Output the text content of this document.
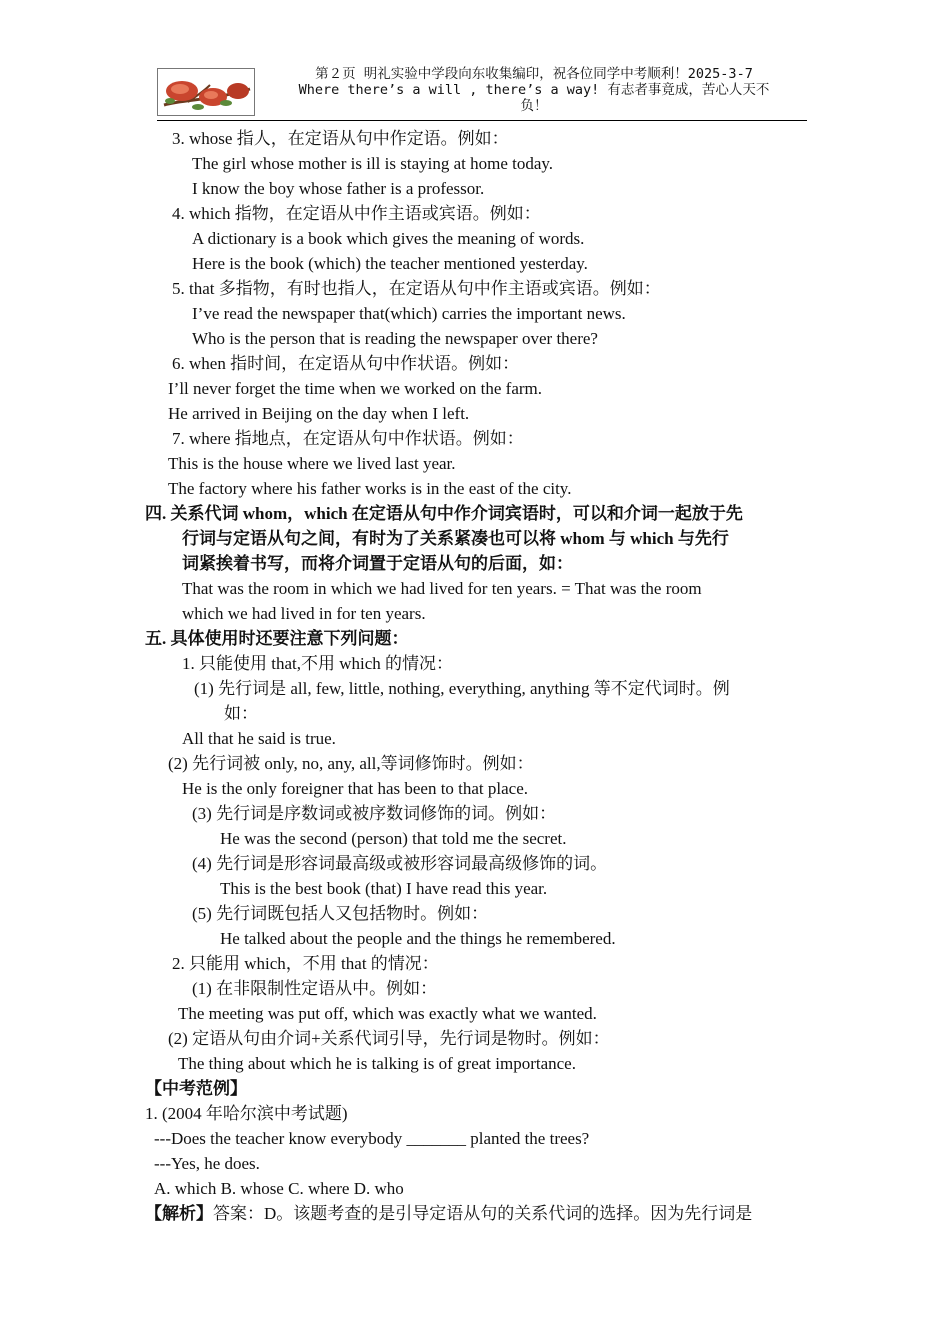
第２页 明礼实验中学段向东收集编印，祝各位同学中考顺利！2025-3-7
Where there’s a will , there’s a way! 有志者事竟成，苦心人天不
负！
3. whose 指人，在定语从句中作定语。例如：
The girl whose mother is ill is staying at home today.
I know the boy whose father is a professor.
4. which 指物，在定语从中作主语或宾语。例如：
A dictionary is a book which gives the meaning of words.
Here is the book (which) the teacher mentioned yesterday.
5. that 多指物，有时也指人，在定语从句中作主语或宾语。例如：
I’ve read the newspaper that(which) carries the important news.
Who is the person that is reading the newspaper over there?
6. when 指时间，在定语从句中作状语。例如：
I’ll never forget the time when we worked on the farm.
He arrived in Beijing on the day when I left.
7. where 指地点，在定语从句中作状语。例如：
This is the house where we lived last year.
The factory where his father works is in the east of the city.
四. 关系代词 whom，which 在定语从句中作介词宾语时，可以和介词一起放于先
行词与定语从句之间，有时为了关系紧凑也可以将 whom 与 which 与先行
词紧挨着书写，而将介词置于定语从句的后面，如：
That was the room in which we had lived for ten years. = That was the room
which we had lived in for ten years.
五. 具体使用时还要注意下列问题：
1. 只能使用 that,不用 which 的情况：
(1) 先行词是 all, few, little, nothing, everything, anything 等不定代词时。例
如：
All that he said is true.
(2) 先行词被 only, no, any, all,等词修饰时。例如：
He is the only foreigner that has been to that place.
(3) 先行词是序数词或被序数词修饰的词。例如：
He was the second (person) that told me the secret.
(4) 先行词是形容词最高级或被形容词最高级修饰的词。
This is the best book (that) I have read this year.
(5) 先行词既包括人又包括物时。例如：
He talked about the people and the things he remembered.
2. 只能用 which，不用 that 的情况：
(1) 在非限制性定语从中。例如：
The meeting was put off, which was exactly what we wanted.
(2) 定语从句由介词+关系代词引导，先行词是物时。例如：
The thing about which he is talking is of great importance.
【中考范例】
1. (2004 年哈尔滨中考试题)
---Does the teacher know everybody _______ planted the trees?
---Yes, he does.
A. which B. whose C. where D. who
【解析】答案：D。该题考查的是引导定语从句的关系代词的选择。因为先行词是
